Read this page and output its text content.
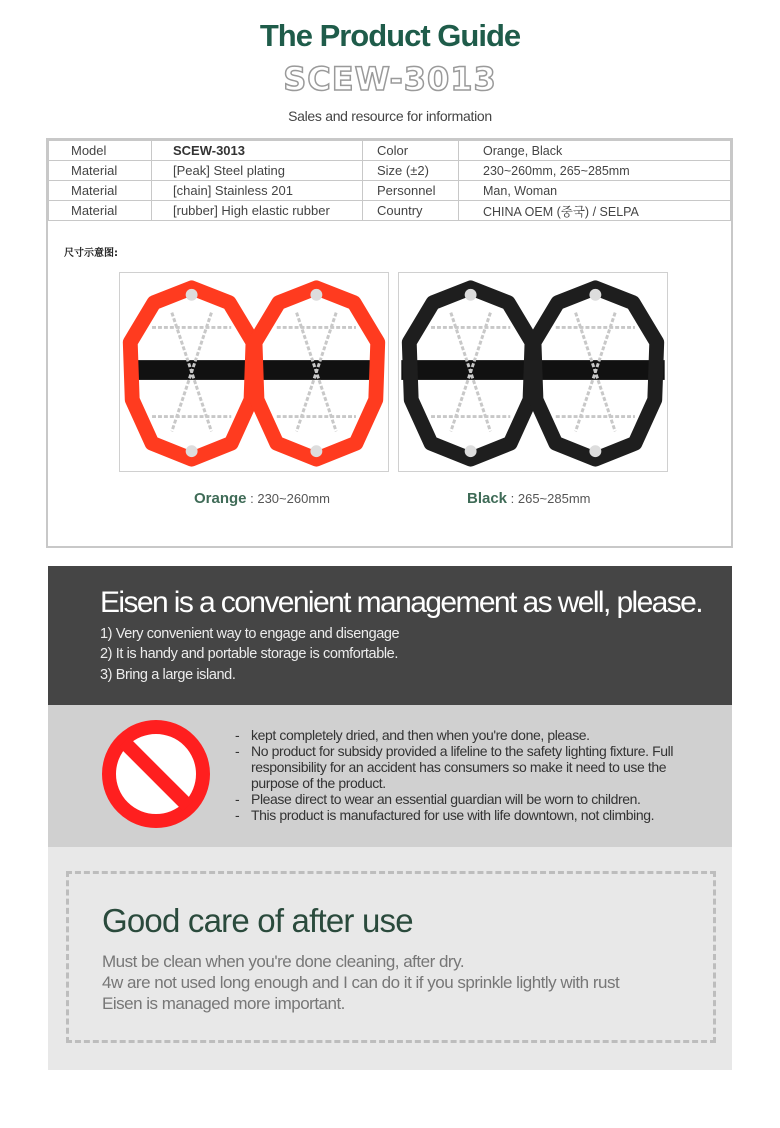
The Product Guide
SCEW-3013
Sales and resource for information
Model	SCEW-3013	Color	Orange, Black
Material	[Peak] Steel plating	Size (±2)	230~260mm, 265~285mm
Material	[chain] Stainless 201	Personnel	Man, Woman
Material	[rubber] High elastic rubber	Country	CHINA OEM (중국) / SELPA
尺寸示意图:
Orange : 230~260mm	Black : 265~285mm
Eisen is a convenient management as well, please.
1) Very convenient way to engage and disengage
2) It is handy and portable storage is comfortable.
3) Bring a large island.
- kept completely dried, and then when you're done, please.
- No product for subsidy provided a lifeline to the safety lighting fixture. Full responsibility for an accident has consumers so make it need to use the purpose of the product.
- Please direct to wear an essential guardian will be worn to children.
- This product is manufactured for use with life downtown, not climbing.
Good care of after use
Must be clean when you're done cleaning, after dry.
4w are not used long enough and I can do it if you sprinkle lightly with rust
Eisen is managed more important.
